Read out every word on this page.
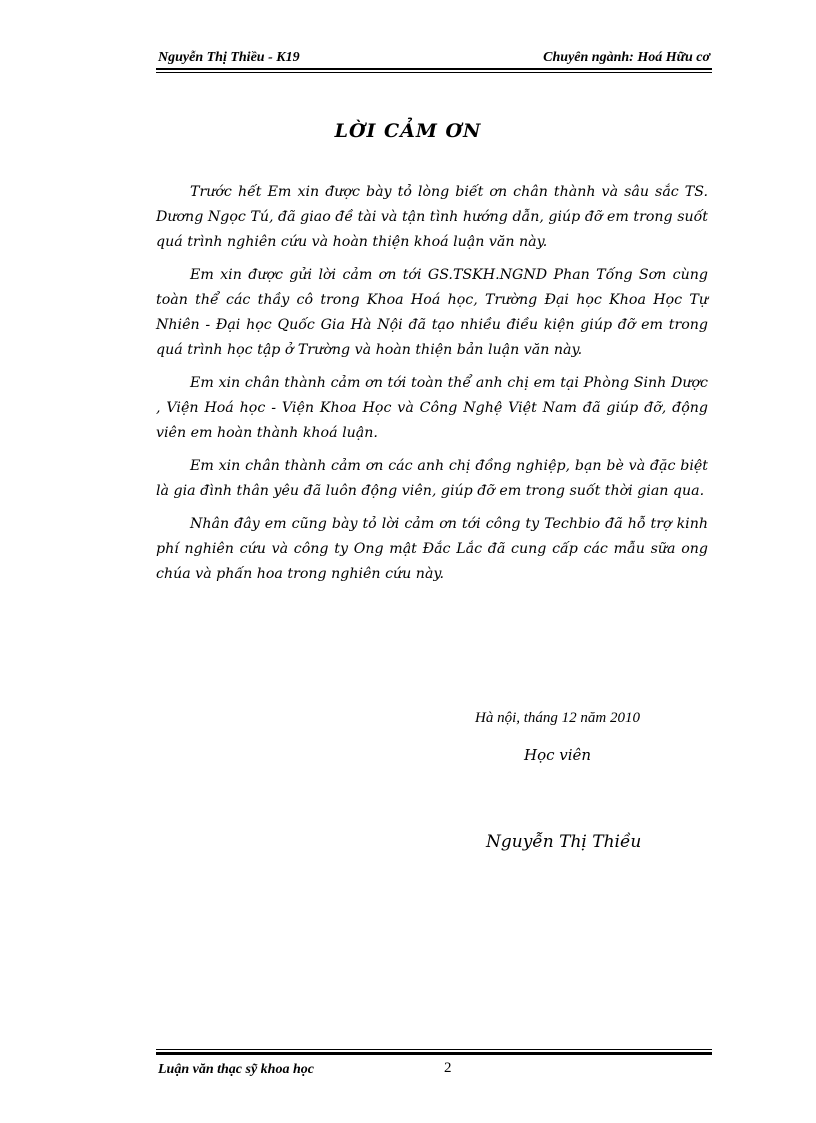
Nguyễn Thị Thiều - K19	Chuyên ngành: Hoá Hữu cơ
LỜI CẢM ƠN

Trước hết Em xin được bày tỏ lòng biết ơn chân thành và sâu sắc TS. Dương Ngọc Tú, đã giao đề tài và tận tình hướng dẫn, giúp đỡ em trong suốt quá trình nghiên cứu và hoàn thiện khoá luận văn này.

Em xin được gửi lời cảm ơn tới GS.TSKH.NGND Phan Tống Sơn cùng toàn thể các thầy cô trong Khoa Hoá học, Trường Đại học Khoa Học Tự Nhiên - Đại học Quốc Gia Hà Nội đã tạo nhiều điều kiện giúp đỡ em trong quá trình học tập ở Trường và hoàn thiện bản luận văn này.

Em xin chân thành cảm ơn tới toàn thể anh chị em tại Phòng Sinh Dược , Viện Hoá học - Viện Khoa Học và Công Nghệ Việt Nam đã giúp đỡ, động viên em hoàn thành khoá luận.

Em xin chân thành cảm ơn các anh chị đồng nghiệp, bạn bè và đặc biệt là gia đình thân yêu đã luôn động viên, giúp đỡ em trong suốt thời gian qua.

Nhân đây em cũng bày tỏ lời cảm ơn tới công ty Techbio đã hỗ trợ kinh phí nghiên cứu và công ty Ong mật Đắc Lắc đã cung cấp các mẫu sữa ong chúa và phấn hoa trong nghiên cứu này.

Hà nội, tháng 12 năm 2010
Học viên
Nguyễn Thị Thiều
Luận văn thạc sỹ khoa học	2
